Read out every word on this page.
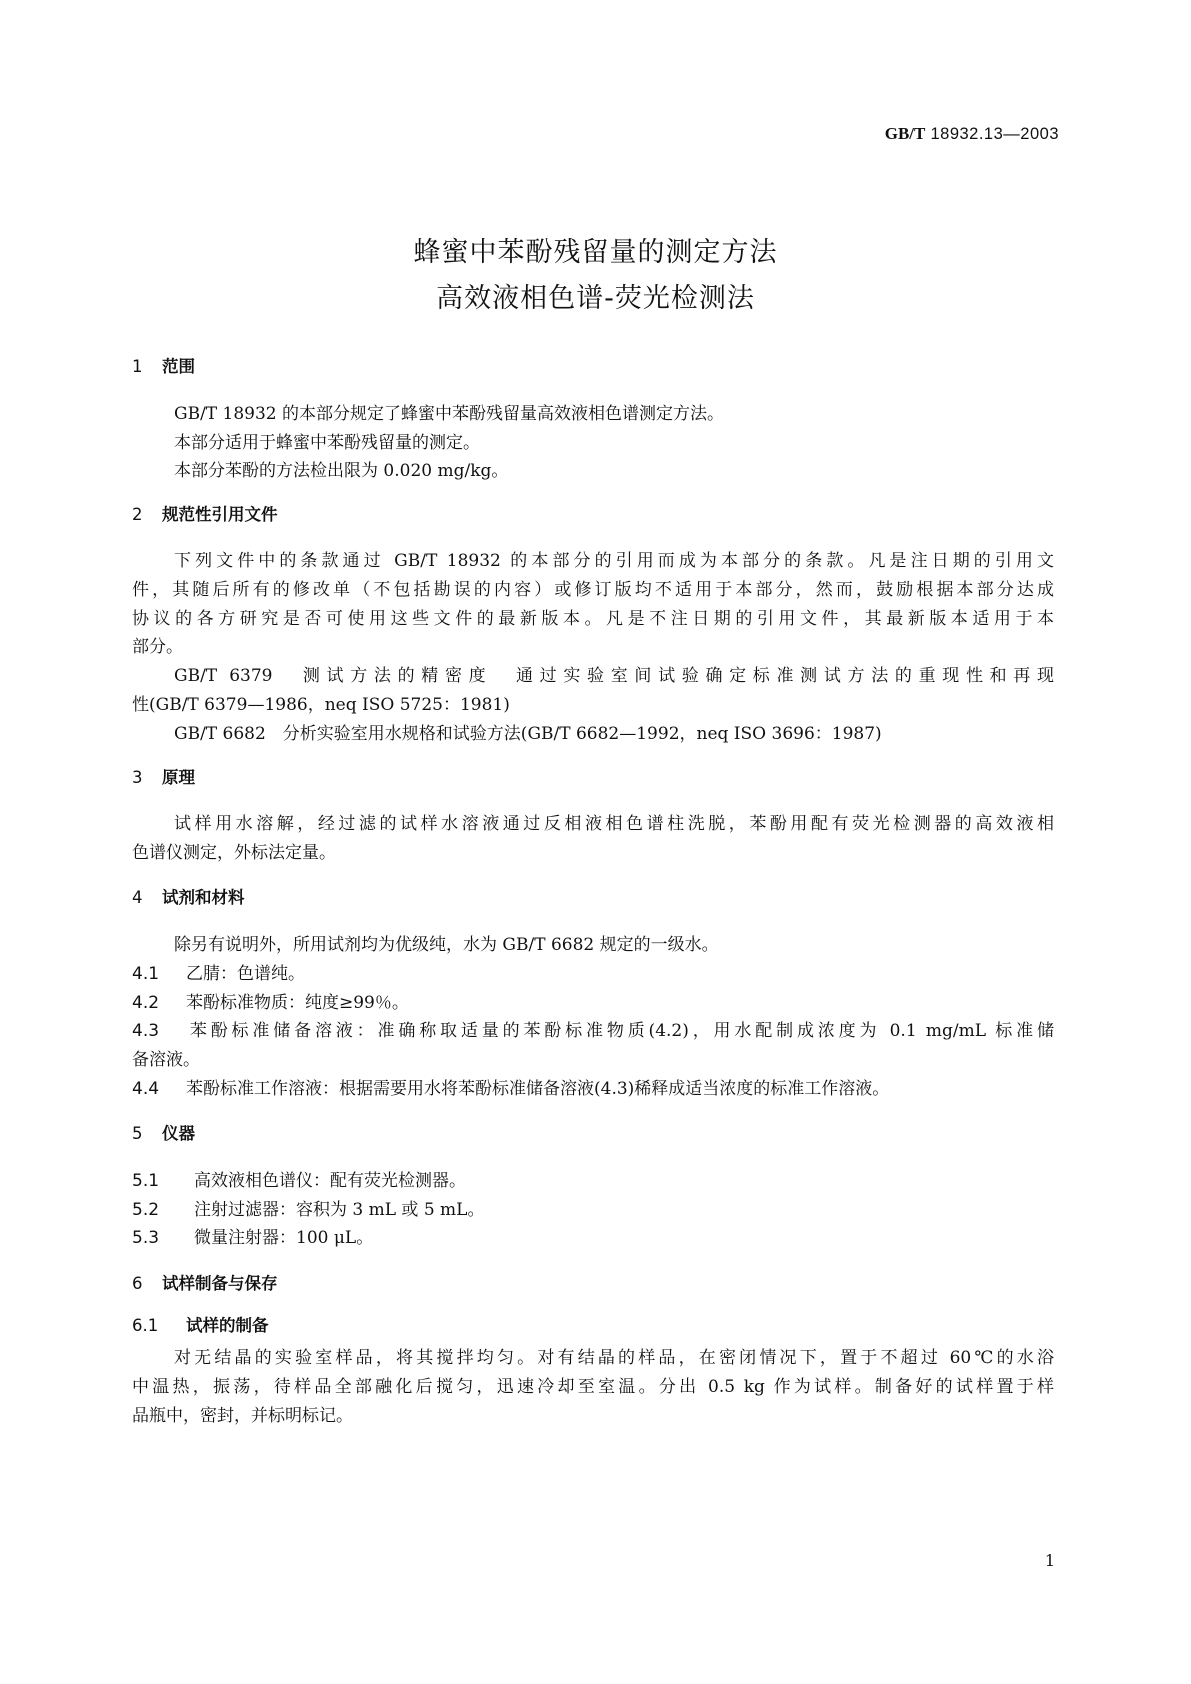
GB/T 18932.13—2003
蜂蜜中苯酚残留量的测定方法
高效液相色谱-荧光检测法
1 范围
GB/T 18932 的本部分规定了蜂蜜中苯酚残留量高效液相色谱测定方法。
本部分适用于蜂蜜中苯酚残留量的测定。
本部分苯酚的方法检出限为 0.020 mg/kg。
2 规范性引用文件
下列文件中的条款通过 GB/T 18932 的本部分的引用而成为本部分的条款。凡是注日期的引用文
件，其随后所有的修改单（不包括勘误的内容）或修订版均不适用于本部分，然而，鼓励根据本部分达成
协议的各方研究是否可使用这些文件的最新版本。凡是不注日期的引用文件，其最新版本适用于本
部分。
GB/T 6379　测试方法的精密度　通过实验室间试验确定标准测试方法的重现性和再现
性(GB/T 6379—1986，neq ISO 5725：1981)
GB/T 6682　分析实验室用水规格和试验方法(GB/T 6682—1992，neq ISO 3696：1987)
3 原理
试样用水溶解，经过滤的试样水溶液通过反相液相色谱柱洗脱，苯酚用配有荧光检测器的高效液相
色谱仪测定，外标法定量。
4 试剂和材料
除另有说明外，所用试剂均为优级纯，水为 GB/T 6682 规定的一级水。
4.1 乙腈：色谱纯。
4.2 苯酚标准物质：纯度≥99％。
4.3 苯酚标准储备溶液：准确称取适量的苯酚标准物质(4.2)，用水配制成浓度为 0.1 mg/mL 标准储
备溶液。
4.4 苯酚标准工作溶液：根据需要用水将苯酚标准储备溶液(4.3)稀释成适当浓度的标准工作溶液。
5 仪器
5.1 高效液相色谱仪：配有荧光检测器。
5.2 注射过滤器：容积为 3 mL 或 5 mL。
5.3 微量注射器：100 μL。
6 试样制备与保存
6.1 试样的制备
对无结晶的实验室样品，将其搅拌均匀。对有结晶的样品，在密闭情况下，置于不超过 60℃的水浴
中温热，振荡，待样品全部融化后搅匀，迅速冷却至室温。分出 0.5 kg 作为试样。制备好的试样置于样
品瓶中，密封，并标明标记。
1
